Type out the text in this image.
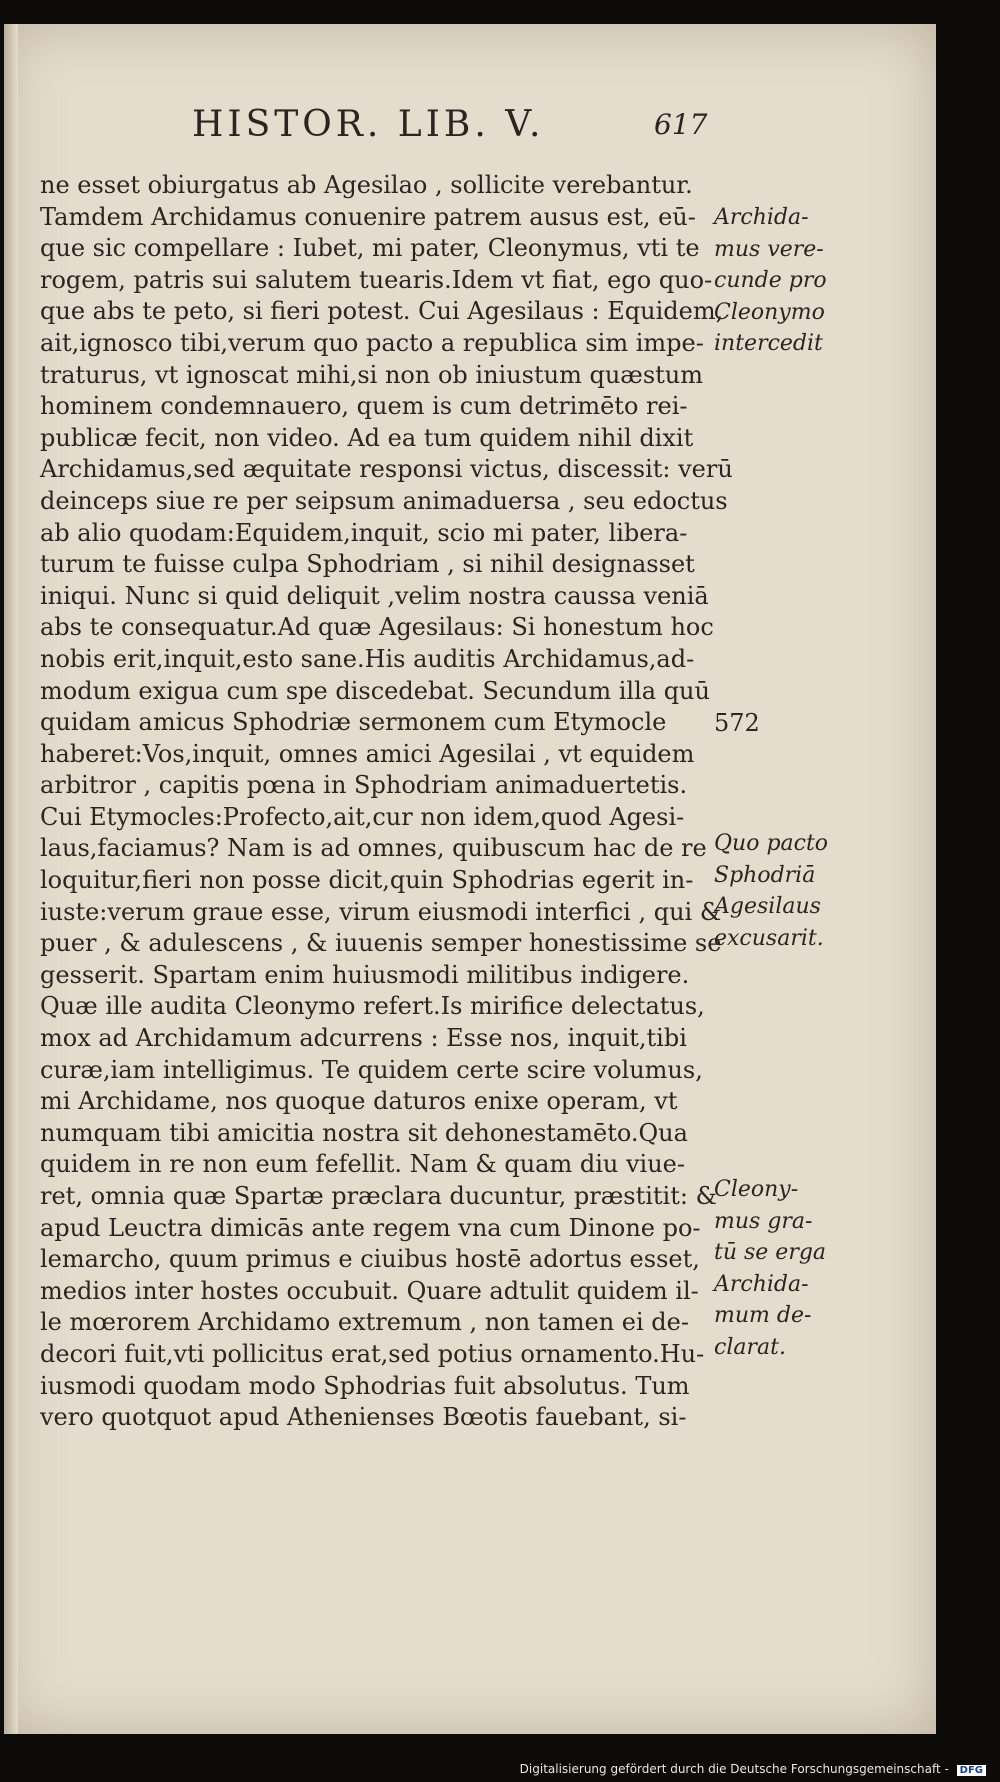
HISTOR. LIB. V.	617
ne esset obiurgatus ab Agesilao , sollicite verebantur.
Tamdem Archidamus conuenire patrem ausus est, eū-
que sic compellare : Iubet, mi pater, Cleonymus, vti te
rogem, patris sui salutem tuearis.Idem vt fiat, ego quo-
que abs te peto, si fieri potest. Cui Agesilaus : Equidem,
ait,ignosco tibi,verum quo pacto a republica sim impe-
traturus, vt ignoscat mihi,si non ob iniustum quæstum
hominem condemnauero, quem is cum detrimēto rei-
publicæ fecit, non video. Ad ea tum quidem nihil dixit
Archidamus,sed æquitate responsi victus, discessit: verū
deinceps siue re per seipsum animaduersa , seu edoctus
ab alio quodam:Equidem,inquit, scio mi pater, libera-
turum te fuisse culpa Sphodriam , si nihil designasset
iniqui. Nunc si quid deliquit ,velim nostra caussa veniā
abs te consequatur.Ad quæ Agesilaus: Si honestum hoc
nobis erit,inquit,esto sane.His auditis Archidamus,ad-
modum exigua cum spe discedebat. Secundum illa quū
quidam amicus Sphodriæ sermonem cum Etymocle
haberet:Vos,inquit, omnes amici Agesilai , vt equidem
arbitror , capitis pœna in Sphodriam animaduertetis.
Cui Etymocles:Profecto,ait,cur non idem,quod Agesi-
laus,faciamus? Nam is ad omnes, quibuscum hac de re
loquitur,fieri non posse dicit,quin Sphodrias egerit in-
iuste:verum graue esse, virum eiusmodi interfici , qui &
puer , & adulescens , & iuuenis semper honestissime se
gesserit. Spartam enim huiusmodi militibus indigere.
Quæ ille audita Cleonymo refert.Is mirifice delectatus,
mox ad Archidamum adcurrens : Esse nos, inquit,tibi
curæ,iam intelligimus. Te quidem certe scire volumus,
mi Archidame, nos quoque daturos enixe operam, vt
numquam tibi amicitia nostra sit dehonestamēto.Qua
quidem in re non eum fefellit. Nam & quam diu viue-
ret, omnia quæ Spartæ præclara ducuntur, præstitit: &
apud Leuctra dimicās ante regem vna cum Dinone po-
lemarcho, quum primus e ciuibus hostē adortus esset,
medios inter hostes occubuit. Quare adtulit quidem il-
le mœrorem Archidamo extremum , non tamen ei de-
decori fuit,vti pollicitus erat,sed potius ornamento.Hu-
iusmodi quodam modo Sphodrias fuit absolutus. Tum
vero quotquot apud Athenienses Bœotis fauebant, si-
Archida-
mus vere-
cunde pro
Cleonymo
intercedit
572
Quo pacto
Sphodriā
Agesilaus
excusarit.
Cleony-
mus gra-
tū se erga
Archida-
mum de-
clarat.
Digitalisierung gefördert durch die Deutsche Forschungsgemeinschaft - DFG
